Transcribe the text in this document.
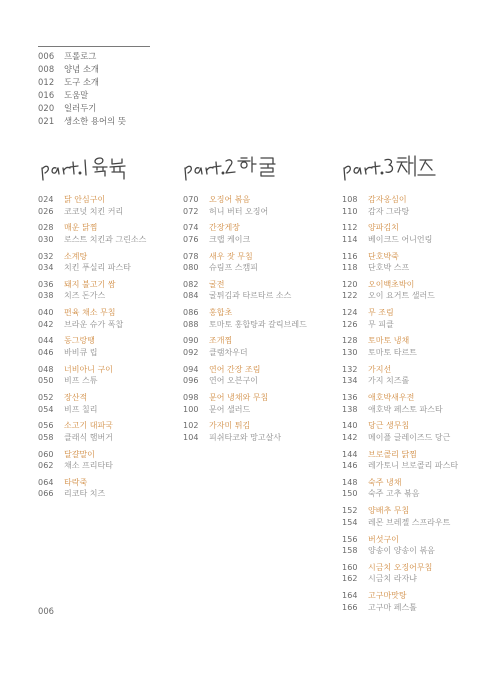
006	프롤로그
008	양념 소개
012	도구 소개
016	도움말
020	일러두기
021	생소한 용어의 뜻
024	닭 안심구이
026	코코넛 치킨 커리
028	매운 닭찜
030	로스트 치킨과 그린소스
032	소계탕
034	치킨 푸실리 파스타
036	돼지 불고기 쌈
038	치즈 돈가스
040	편육 채소 무침
042	브라운 슈가 폭찹
044	동그랑땡
046	바비큐 립
048	너비아니 구이
050	비프 스튜
052	장산적
054	비프 칠리
056	소고기 대파국
058	클래식 햄버거
060	달걀말이
062	채소 프리타타
064	타락죽
066	리코타 치즈
070	오징어 볶음
072	허니 버터 오징어
074	간장게장
076	크랩 케이크
078	새우 잣 무침
080	슈림프 스캠피
082	굴전
084	굴튀김과 타르타르 소스
086	홍합초
088	토마토 홍합탕과 갈릭브레드
090	조개찜
092	클램차우더
094	연어 간장 조림
096	연어 오븐구이
098	문어 냉채와 무침
100	문어 샐러드
102	가자미 튀김
104	피쉬타코와 망고살사
108	감자옹심이
110	감자 그라탕
112	양파김치
114	베이크드 어니언링
116	단호박죽
118	단호박 스프
120	오이백초박이
122	오이 요거트 샐러드
124	무 조림
126	무 피클
128	토마토 냉채
130	토마토 타르트
132	가지선
134	가지 치즈롤
136	애호박새우전
138	애호박 페스토 파스타
140	당근 생무침
142	메이플 글레이즈드 당근
144	브로콜리 닭찜
146	레가토니 브로콜리 파스타
148	숙주 냉채
150	숙주 고추 볶음
152	양배추 무침
154	레몬 브레젤 스프라우트
156	버섯구이
158	양송이 양송이 볶음
160	시금치 오징어무침
162	시금치 라자냐
164	고구마맛탕
166	고구마 페스톨
006
